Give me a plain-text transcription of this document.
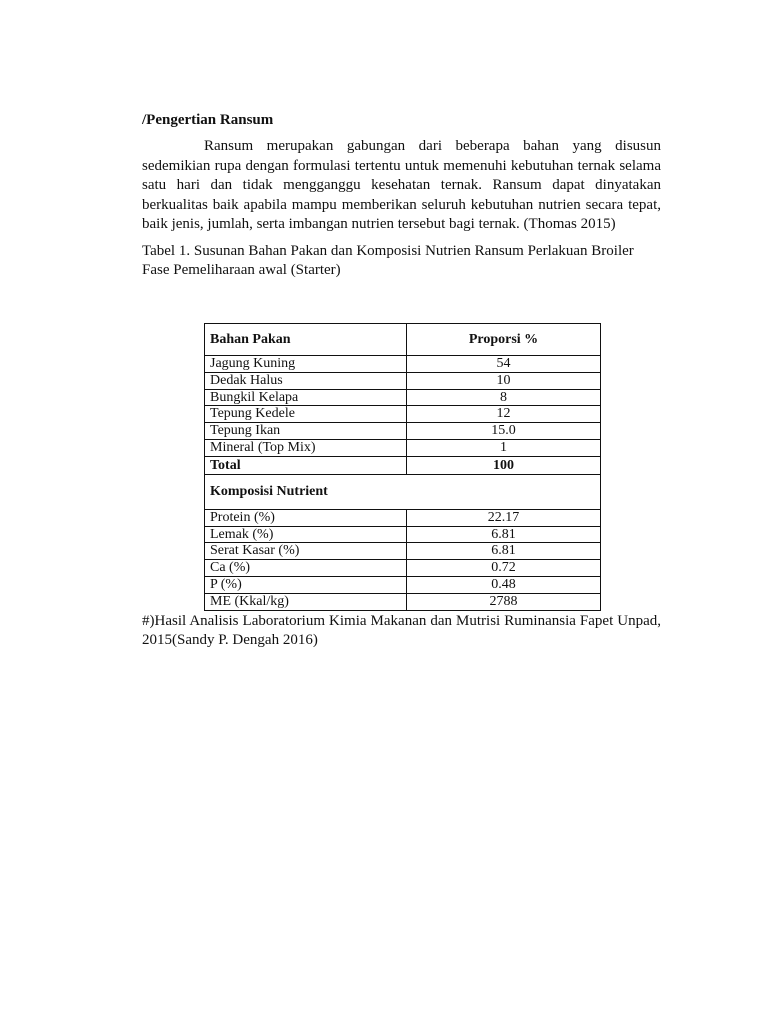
/Pengertian Ransum

Ransum merupakan gabungan dari beberapa bahan yang disusun sedemikian rupa dengan formulasi tertentu untuk memenuhi kebutuhan ternak selama satu hari dan tidak mengganggu kesehatan ternak. Ransum dapat dinyatakan berkualitas baik apabila mampu memberikan seluruh kebutuhan nutrien secara tepat, baik jenis, jumlah, serta imbangan nutrien tersebut bagi ternak. (Thomas 2015)

Tabel 1. Susunan Bahan Pakan dan Komposisi Nutrien Ransum Perlakuan Broiler Fase Pemeliharaan awal (Starter)

Bahan Pakan	Proporsi %
Jagung Kuning	54
Dedak Halus	10
Bungkil Kelapa	8
Tepung Kedele	12
Tepung Ikan	15.0
Mineral (Top Mix)	1
Total	100
Komposisi Nutrient	
Protein (%)	22.17
Lemak (%)	6.81
Serat Kasar (%)	6.81
Ca (%)	0.72
P (%)	0.48
ME (Kkal/kg)	2788

#)Hasil Analisis Laboratorium Kimia Makanan dan Mutrisi Ruminansia Fapet Unpad, 2015(Sandy P. Dengah 2016)
